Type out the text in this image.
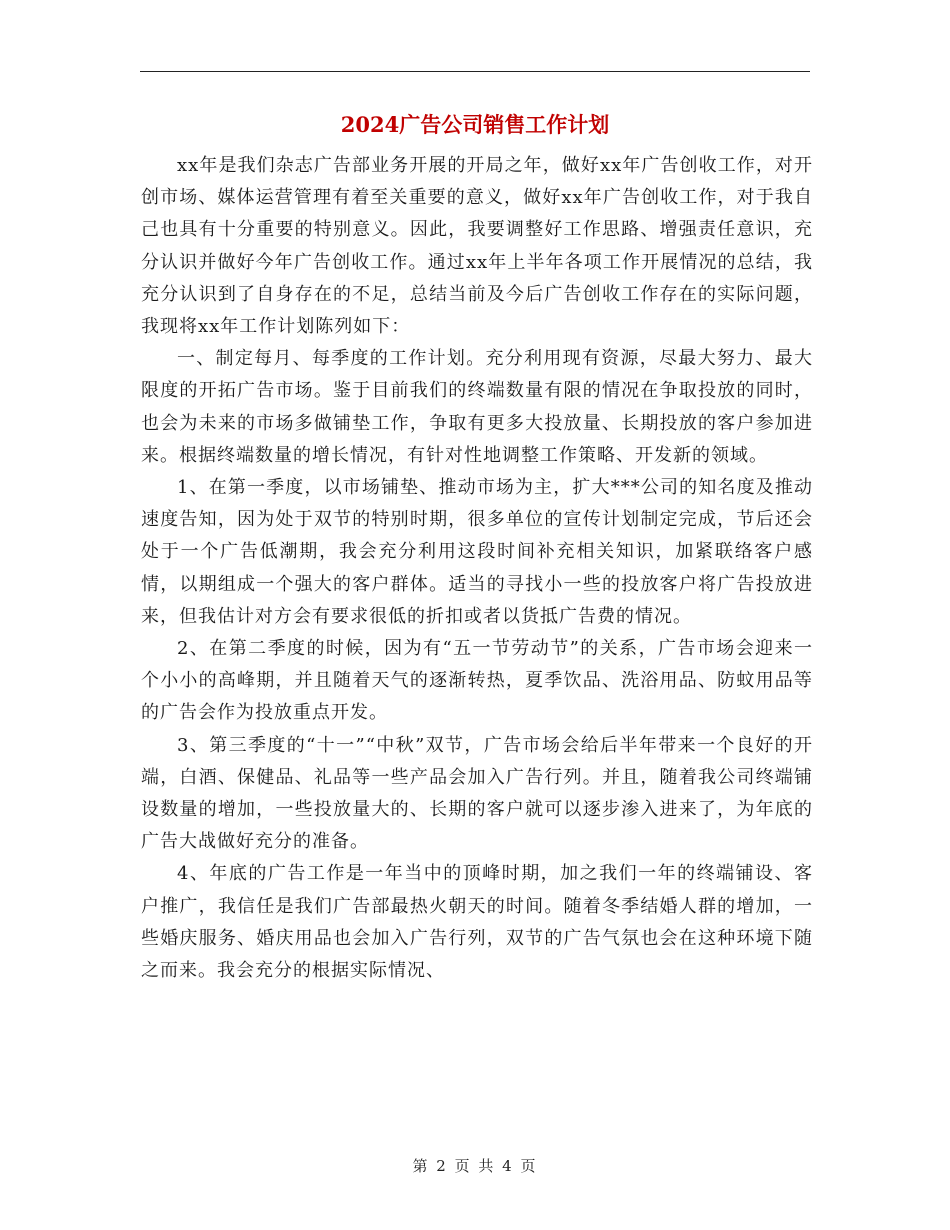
2024广告公司销售工作计划

xx年是我们杂志广告部业务开展的开局之年，做好xx年广告创收工作，对开创市场、媒体运营管理有着至关重要的意义，做好xx年广告创收工作，对于我自己也具有十分重要的特别意义。因此，我要调整好工作思路、增强责任意识，充分认识并做好今年广告创收工作。通过xx年上半年各项工作开展情况的总结，我充分认识到了自身存在的不足，总结当前及今后广告创收工作存在的实际问题，我现将xx年工作计划陈列如下：

一、制定每月、每季度的工作计划。充分利用现有资源，尽最大努力、最大限度的开拓广告市场。鉴于目前我们的终端数量有限的情况在争取投放的同时，也会为未来的市场多做铺垫工作，争取有更多大投放量、长期投放的客户参加进来。根据终端数量的增长情况，有针对性地调整工作策略、开发新的领域。

1、在第一季度，以市场铺垫、推动市场为主，扩大***公司的知名度及推动速度告知，因为处于双节的特别时期，很多单位的宣传计划制定完成，节后还会处于一个广告低潮期，我会充分利用这段时间补充相关知识，加紧联络客户感情，以期组成一个强大的客户群体。适当的寻找小一些的投放客户将广告投放进来，但我估计对方会有要求很低的折扣或者以货抵广告费的情况。

2、在第二季度的时候，因为有“五一节劳动节”的关系，广告市场会迎来一个小小的高峰期，并且随着天气的逐渐转热，夏季饮品、洗浴用品、防蚊用品等的广告会作为投放重点开发。

3、第三季度的“十一”“中秋”双节，广告市场会给后半年带来一个良好的开端，白酒、保健品、礼品等一些产品会加入广告行列。并且，随着我公司终端铺设数量的增加，一些投放量大的、长期的客户就可以逐步渗入进来了，为年底的广告大战做好充分的准备。

4、年底的广告工作是一年当中的顶峰时期，加之我们一年的终端铺设、客户推广，我信任是我们广告部最热火朝天的时间。随着冬季结婚人群的增加，一些婚庆服务、婚庆用品也会加入广告行列，双节的广告气氛也会在这种环境下随之而来。我会充分的根据实际情况、

第 2 页 共 4 页
